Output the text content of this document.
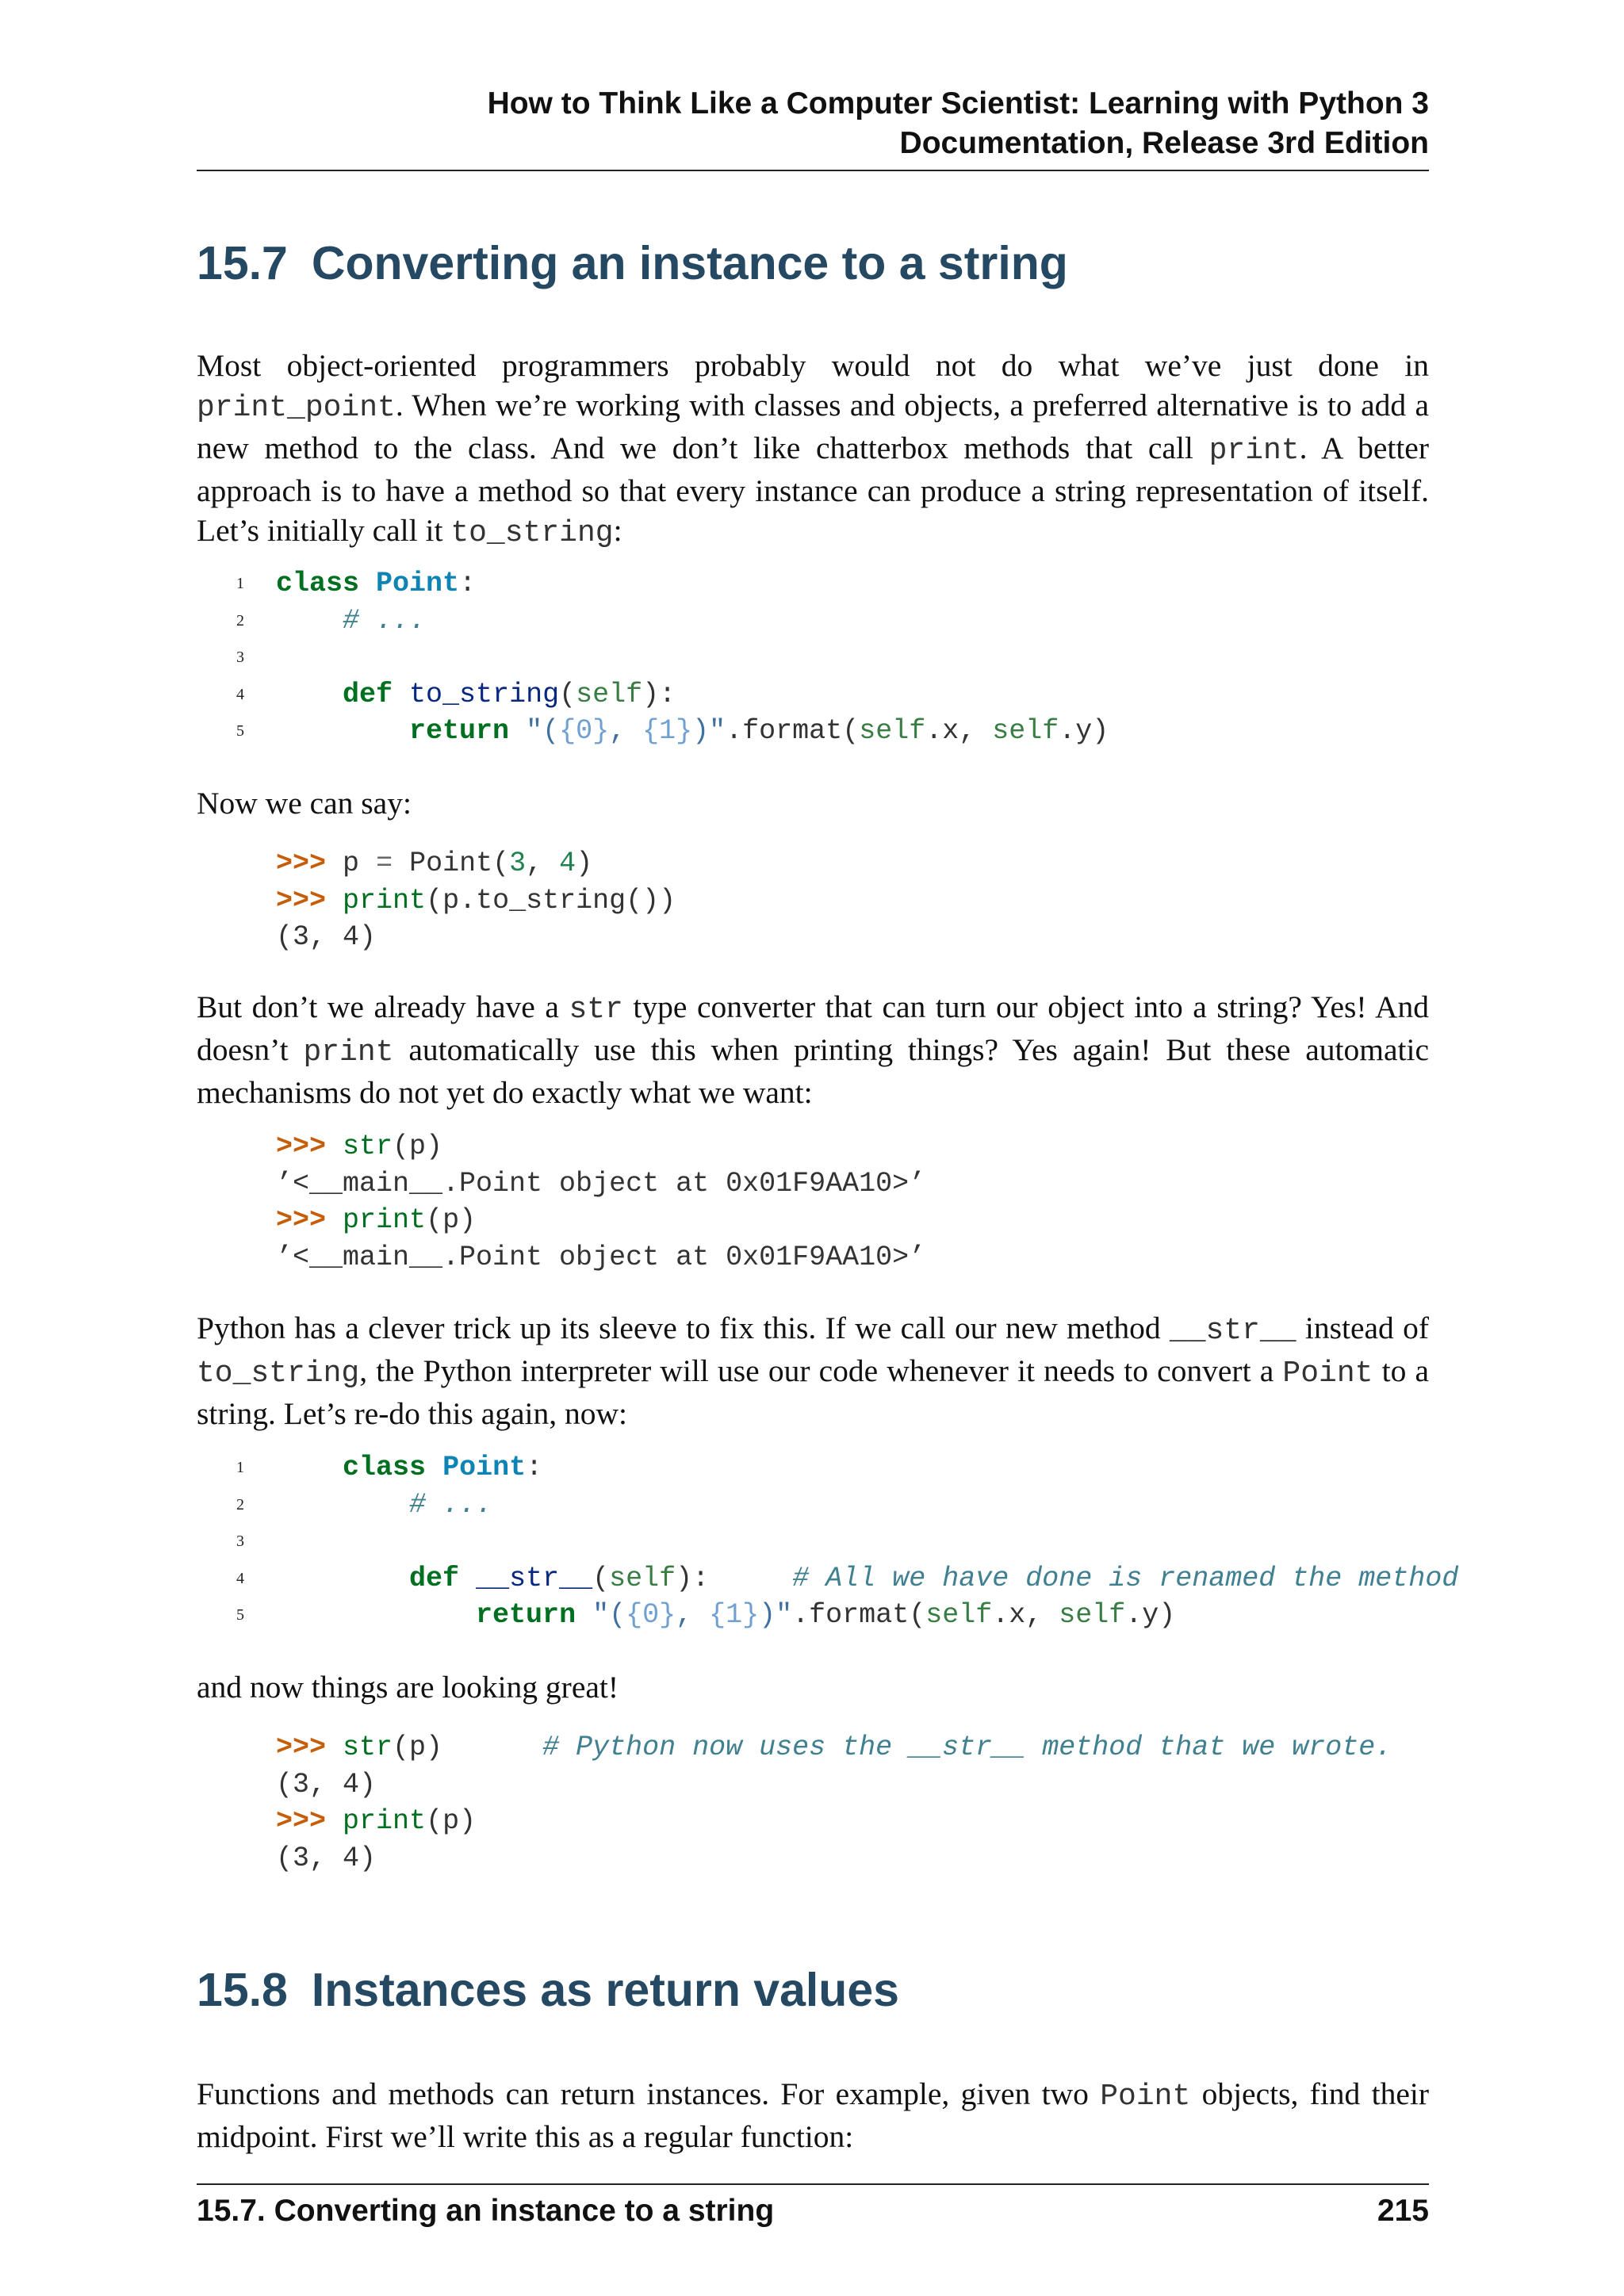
How to Think Like a Computer Scientist: Learning with Python 3
Documentation, Release 3rd Edition
15.7 Converting an instance to a string

Most object-oriented programmers probably would not do what we’ve just done in print_point. When we’re working with classes and objects, a preferred alternative is to add a new method to the class. And we don’t like chatterbox methods that call print. A better approach is to have a method so that every instance can produce a string representation of itself. Let’s initially call it to_string:

1

class Point:

2

	# ...

3

4

	def to_string(self):

5

	return "({0}, {1})".format(self.x, self.y)

Now we can say:

>>> p = Point(3, 4)

>>> print(p.to_string())

(3, 4)

But don’t we already have a str type converter that can turn our object into a string? Yes! And doesn’t print automatically use this when printing things? Yes again! But these automatic mechanisms do not yet do exactly what we want:

>>> str(p)

’<__main__.Point object at 0x01F9AA10>’

>>> print(p)

’<__main__.Point object at 0x01F9AA10>’

Python has a clever trick up its sleeve to fix this. If we call our new method __str__ instead of to_string, the Python interpreter will use our code whenever it needs to convert a Point to a string. Let’s re-do this again, now:

1

	class Point:

2

	# ...

3

4

	def __str__(self):	# All we have done is renamed the method

5

	return "({0}, {1})".format(self.x, self.y)

and now things are looking great!

>>> str(p)	# Python now uses the __str__ method that we wrote.

(3, 4)

>>> print(p)

(3, 4)

15.8 Instances as return values

Functions and methods can return instances. For example, given two Point objects, find their midpoint. First we’ll write this as a regular function:

15.7. Converting an instance to a string	215
